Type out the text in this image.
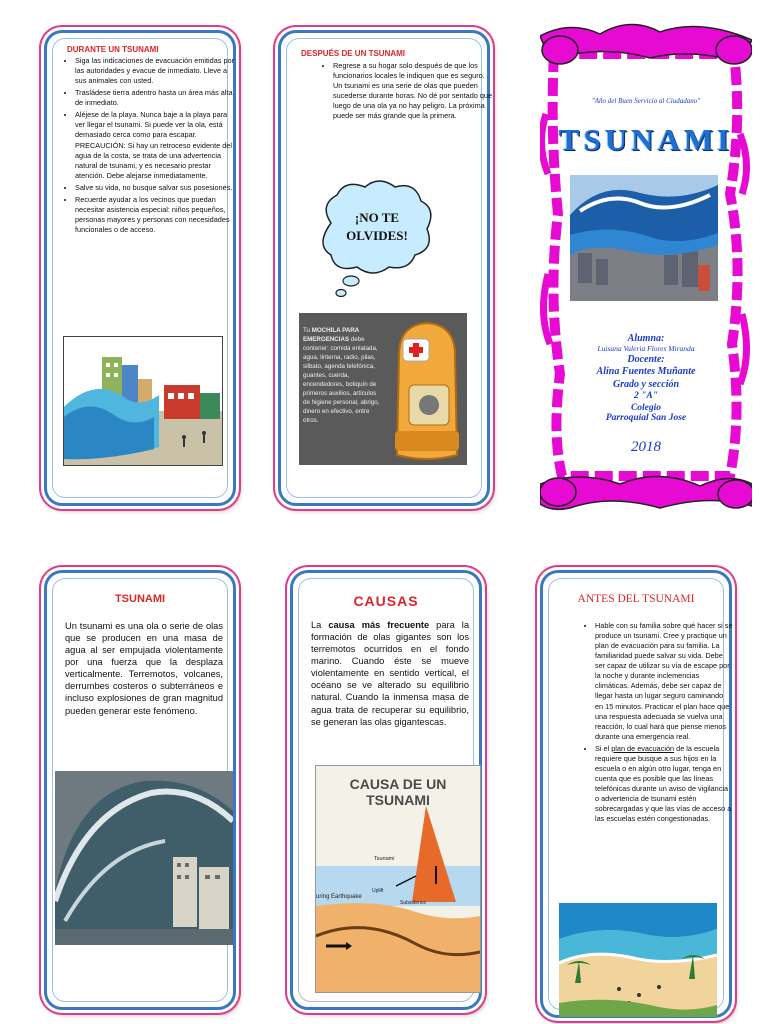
DURANTE UN TSUNAMI
• Siga las indicaciones de evacuación emitidas por las autoridades y evacue de inmediato. Lleve a sus animales con usted.
• Trasládese tierra adentro hasta un área más alta de inmediato.
• Aléjese de la playa. Nunca baje a la playa para ver llegar el tsunami. Si puede ver la ola, está demasiado cerca como para escapar. PRECAUCIÓN: Si hay un retroceso evidente del agua de la costa, se trata de una advertencia natural de tsunami, y es necesario prestar atención. Debe alejarse inmediatamente.
• Salve su vida, no busque salvar sus posesiones.
• Recuerde ayudar a los vecinos que puedan necesitar asistencia especial: niños pequeños, personas mayores y personas con necesidades funcionales o de acceso.
DESPUÉS DE UN TSUNAMI
• Regrese a su hogar solo después de que los funcionarios locales le indiquen que es seguro. Un tsunami es una serie de olas que pueden sucederse durante horas. No dé por sentado que luego de una ola ya no hay peligro. La próxima puede ser más grande que la primera.
¡NO TE OLVIDES!
Tu MOCHILA PARA EMERGENCIAS debe contener: comida enlatada, agua, linterna, radio, pilas, silbato, agenda telefónica, guantes, cuerda, encendedores, botiquín de primeros auxilios, artículos de higiene personal, abrigo, dinero en efectivo, entre otros.
"Año del Buen Servicio al Ciudadano"
TSUNAMI
Alumna:
Luisana Valeria Flores Miranda
Docente:
Alina Fuentes Muñante
Grado y sección
2 "A"
Colegio
Parroquial San Jose
2018
TSUNAMI
Un tsunami es una ola o serie de olas que se producen en una masa de agua al ser empujada violentamente por una fuerza que la desplaza verticalmente. Terremotos, volcanes, derrumbes costeros o subterráneos e incluso explosiones de gran magnitud pueden generar este fenómeno.
CAUSAS
La causa más frecuente para la formación de olas gigantes son los terremotos ocurridos en el fondo marino. Cuando éste se mueve violentamente en sentido vertical, el océano se ve alterado su equilibrio natural. Cuando la inmensa masa de agua trata de recuperar su equilibrio, se generan las olas gigantescas.
CAUSA DE UN TSUNAMI
Tsunami
uring Earthquake
Uplift
Subsidence
ANTES DEL TSUNAMI
• Hable con su familia sobre qué hacer si se produce un tsunami. Cree y practique un plan de evacuación para su familia. La familiaridad puede salvar su vida. Debe ser capaz de utilizar su vía de escape por la noche y durante inclemencias climáticas. Además, debe ser capaz de llegar hasta un lugar seguro caminando en 15 minutos. Practicar el plan hace que una respuesta adecuada se vuelva una reacción, lo cual hará que piense menos durante una emergencia real.
• Si el plan de evacuación de la escuela requiere que busque a sus hijos en la escuela o en algún otro lugar, tenga en cuenta que es posible que las líneas telefónicas durante un aviso de vigilancia o advertencia de tsunami estén sobrecargadas y que las vías de acceso a las escuelas estén congestionadas.
